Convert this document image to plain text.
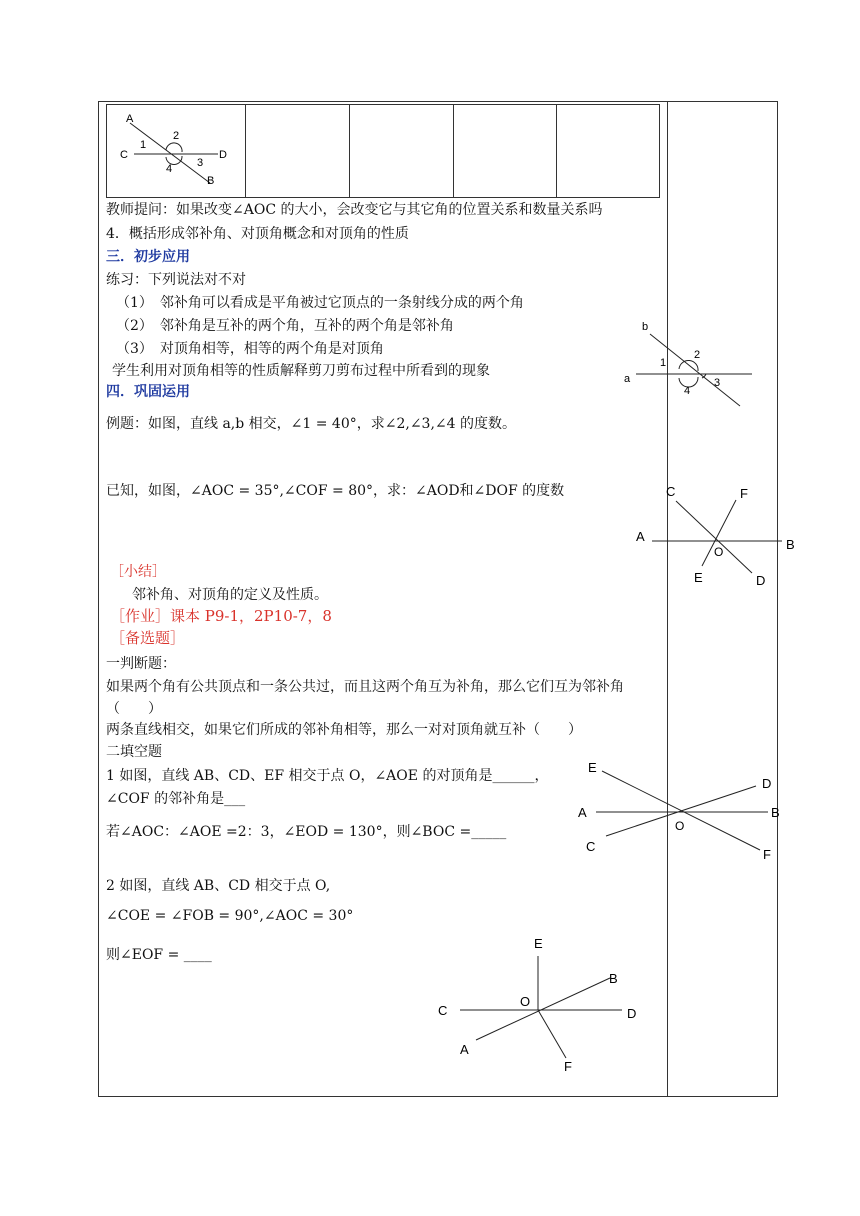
A
C	D
B
1
2
3
4
教师提问：如果改变∠AOC 的大小，会改变它与其它角的位置关系和数量关系吗
4．概括形成邻补角、对顶角概念和对顶角的性质
三．初步应用
练习：下列说法对不对
（1）　邻补角可以看成是平角被过它顶点的一条射线分成的两个角
（2）　邻补角是互补的两个角，互补的两个角是邻补角
（3）　对顶角相等，相等的两个角是对顶角
学生利用对顶角相等的性质解释剪刀剪布过程中所看到的现象
四．巩固运用
例题：如图，直线 a,b 相交，∠1 = 40°，求∠2,∠3,∠4 的度数。
已知，如图，∠AOC = 35°,∠COF = 80°，求：∠AOD和∠DOF 的度数
［小结］
邻补角、对顶角的定义及性质。
［作业］课本 P9-1，2P10-7，8
［备选题］
一判断题：
如果两个角有公共顶点和一条公共过，而且这两个角互为补角，那么它们互为邻补角
（　　）
两条直线相交，如果它们所成的邻补角相等，那么一对对顶角就互补（　　）
二填空题
1 如图，直线 AB、CD、EF 相交于点 O，∠AOE 的对顶角是______，
∠COF 的邻补角是___
若∠AOC：∠AOE =2：3，∠EOD = 130°，则∠BOC =_____
2 如图，直线 AB、CD 相交于点 O,
∠COE = ∠FOB = 90°,∠AOC = 30°
则∠EOF = ____
b
a
1
2
3
4
C	F
A
B
O
E	D
E
D
A	B
O
C
F
E
B
O
C	D
A
F
